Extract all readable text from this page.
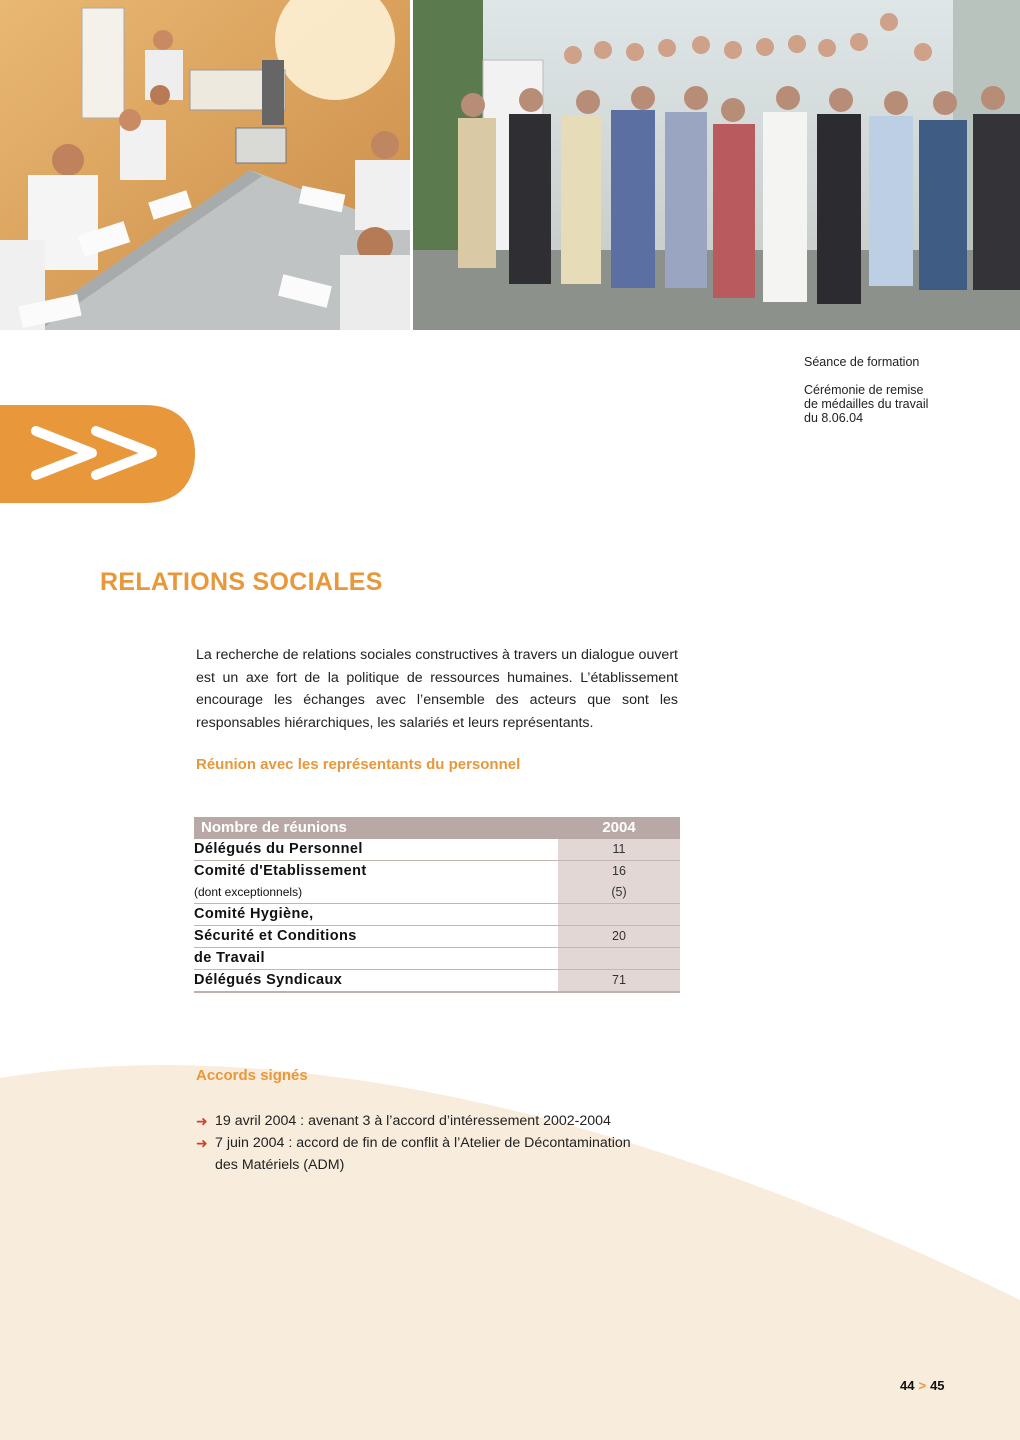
Séance de formation

Cérémonie de remise
de médailles du travail
du 8.06.04

RELATIONS SOCIALES

La recherche de relations sociales constructives à travers un dialogue ouvert est un axe fort de la politique de ressources humaines. L’établissement encourage les échanges avec l’ensemble des acteurs que sont les responsables hiérarchiques, les salariés et leurs représentants.

Réunion avec les représentants du personnel
Nombre de réunions	2004
Délégués du Personnel	11
Comité d'Etablissement	16
(dont exceptionnels)	(5)
Comité Hygiène,	
Sécurité et Conditions	20
de Travail	
Délégués Syndicaux	71
Accords signés
➜ 19 avril 2004 : avenant 3 à l’accord d’intéressement 2002-2004
➜ 7 juin 2004 : accord de fin de conflit à l’Atelier de Décontamination
des Matériels (ADM)
44 > 45
